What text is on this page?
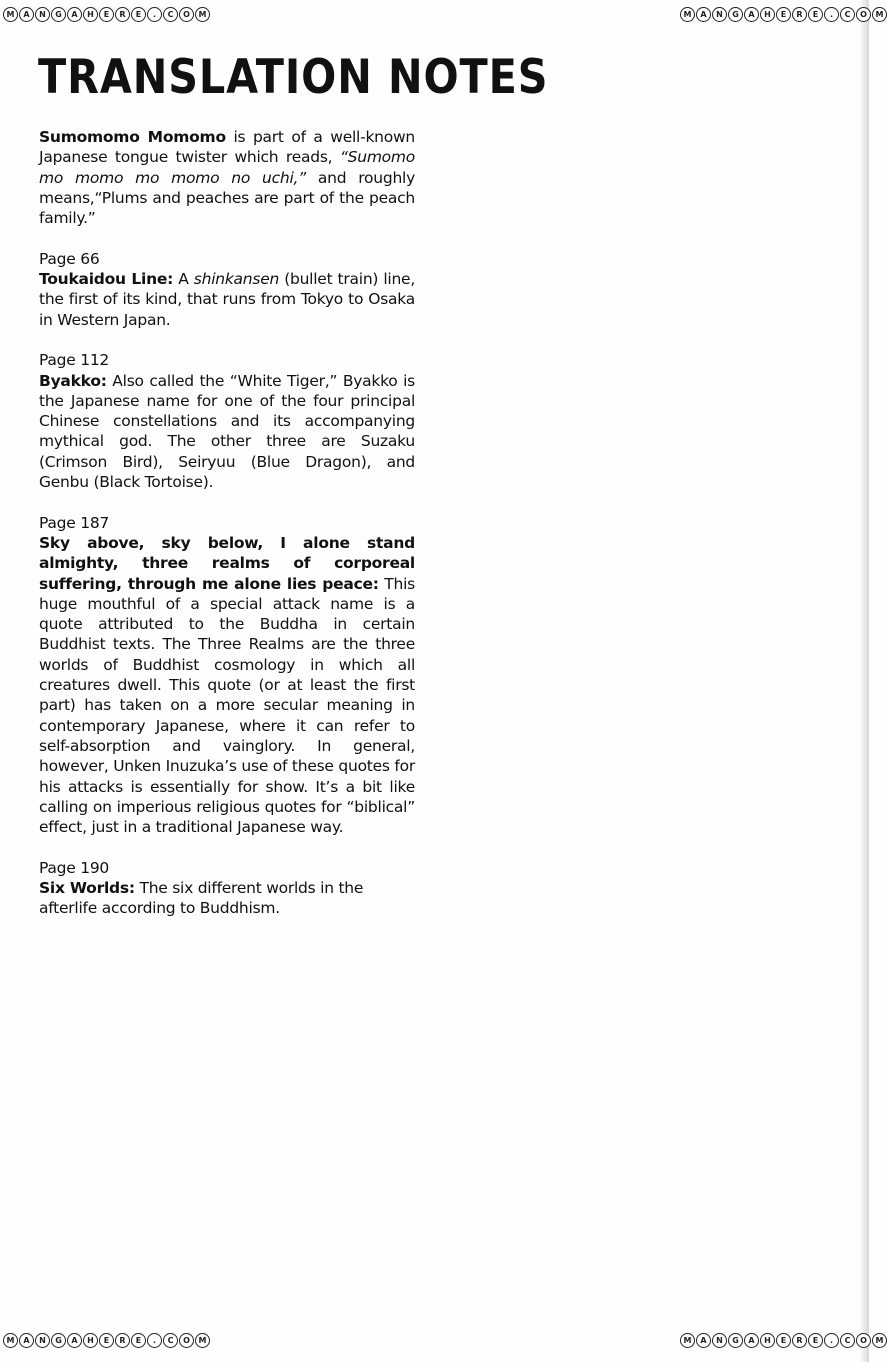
M	A	N	G	A	H	E	R	E	.	C	O	M	M	A	N	G	A	H	E	R	E	.	C	O	M
M	A	N	G	A	H	E	R	E	.	C	O	M	M	A	N	G	A	H	E	R	E	.	C	O	M
TRANSLATION NOTES

Sumomomo Momomo is part of a well-known Japanese tongue twister which reads, “Sumomo mo momo mo momo no uchi,” and roughly means,“Plums and peaches are part of the peach family.”

Page 66
Toukaidou Line: A shinkansen (bullet train) line, the first of its kind, that runs from Tokyo to Osaka in Western Japan.

Page 112
Byakko: Also called the “White Tiger,” Byakko is the Japanese name for one of the four principal Chinese constellations and its accompanying mythical god. The other three are Suzaku (Crimson Bird), Seiryuu (Blue Dragon), and Genbu (Black Tortoise).

Page 187
Sky above, sky below, I alone stand almighty, three realms of corporeal suffering, through me alone lies peace: This huge mouthful of a special attack name is a quote attributed to the Buddha in certain Buddhist texts. The Three Realms are the three worlds of Buddhist cosmology in which all creatures dwell. This quote (or at least the first part) has taken on a more secular meaning in contemporary Japanese, where it can refer to self-absorption and vainglory. In general, however, Unken Inuzuka’s use of these quotes for his attacks is essentially for show. It’s a bit like calling on imperious religious quotes for “biblical” effect, just in a traditional Japanese way.

Page 190
Six Worlds: The six different worlds in the afterlife according to Buddhism.
